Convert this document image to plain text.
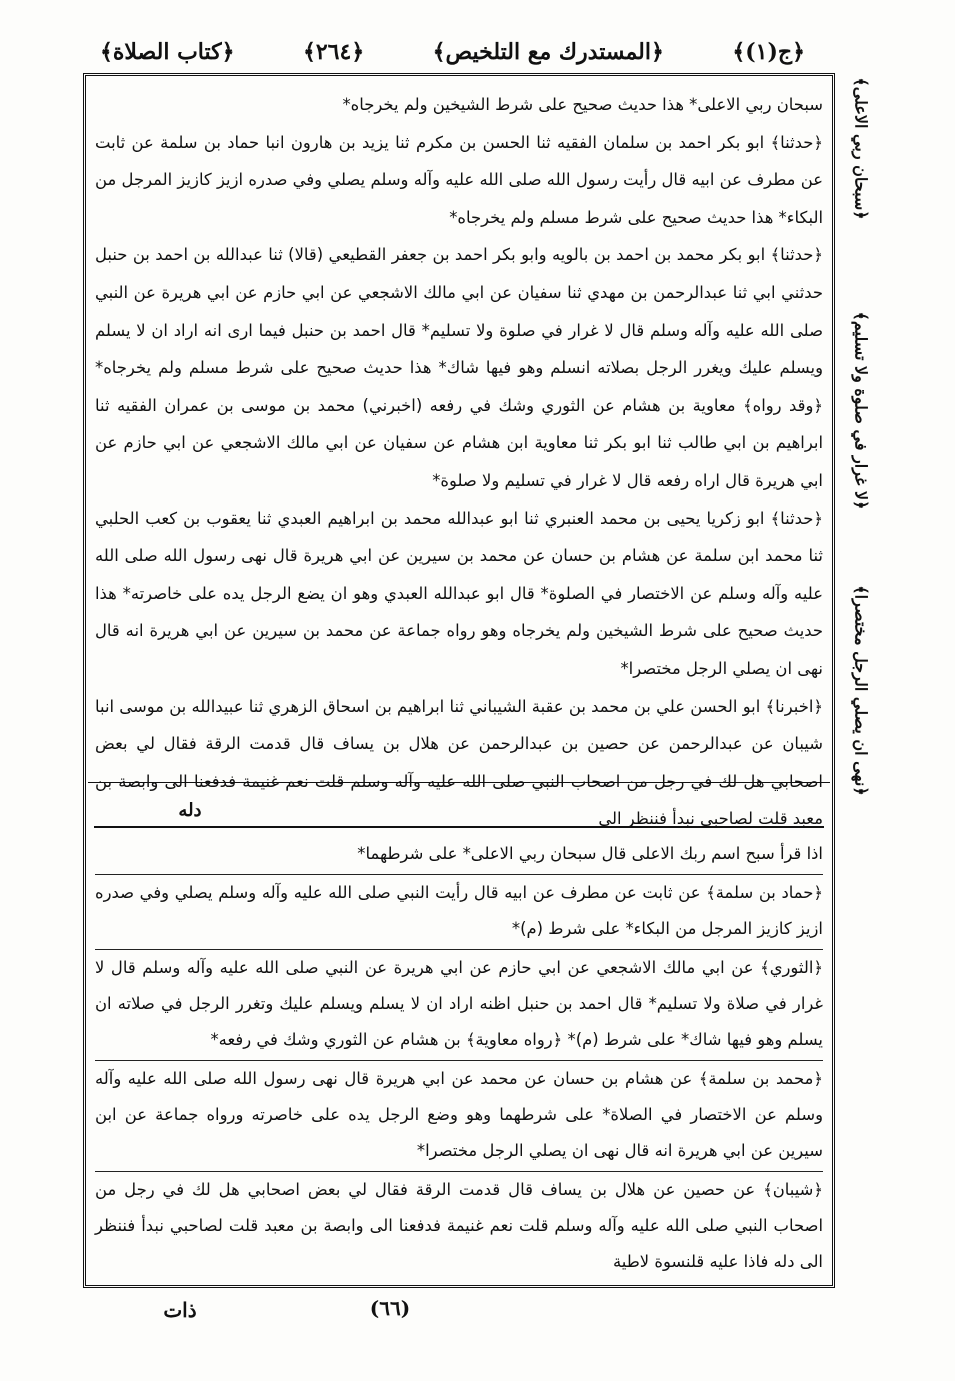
﴿ج(١)﴾
﴿المستدرك مع التلخيص﴾
﴿٢٦٤﴾
﴿كتاب الصلاة﴾

سبحان ربي الاعلى* هذا حديث صحيح على شرط الشيخين ولم يخرجاه*

﴿حدثنا﴾ ابو بكر احمد بن سلمان الفقيه ثنا الحسن بن مكرم ثنا يزيد بن هارون انبا حماد بن سلمة عن ثابت عن مطرف عن ابيه قال رأيت رسول الله صلى الله عليه وآله وسلم يصلي وفي صدره ازيز كازيز المرجل من البكاء* هذا حديث صحيح على شرط مسلم ولم يخرجاه*

﴿حدثنا﴾ ابو بكر محمد بن احمد بن بالويه وابو بكر احمد بن جعفر القطيعي (قالا) ثنا عبدالله بن احمد بن حنبل حدثني ابي ثنا عبدالرحمن بن مهدي ثنا سفيان عن ابي مالك الاشجعي عن ابي حازم عن ابي هريرة عن النبي صلى الله عليه وآله وسلم قال لا غرار في صلوة ولا تسليم* قال احمد بن حنبل فيما ارى انه اراد ان لا يسلم ويسلم عليك ويغرر الرجل بصلاته انسلم وهو فيها شاك* هذا حديث صحيح على شرط مسلم ولم يخرجاه* ﴿وقد رواه﴾ معاوية بن هشام عن الثوري وشك في رفعه (اخبرني) محمد بن موسى بن عمران الفقيه ثنا ابراهيم بن ابي طالب ثنا ابو بكر ثنا معاوية ابن هشام عن سفيان عن ابي مالك الاشجعي عن ابي حازم عن ابي هريرة قال اراه رفعه قال لا غرار في تسليم ولا صلوة*

﴿حدثنا﴾ ابو زكريا يحيى بن محمد العنبري ثنا ابو عبدالله محمد بن ابراهيم العبدي ثنا يعقوب بن كعب الحلبي ثنا محمد ابن سلمة عن هشام بن حسان عن محمد بن سيرين عن ابي هريرة قال نهى رسول الله صلى الله عليه وآله وسلم عن الاختصار في الصلوة* قال ابو عبدالله العبدي وهو ان يضع الرجل يده على خاصرته* هذا حديث صحيح على شرط الشيخين ولم يخرجاه وهو رواه جماعة عن محمد بن سيرين عن ابي هريرة انه قال نهى ان يصلي الرجل مختصرا*

﴿اخبرنا﴾ ابو الحسن علي بن محمد بن عقبة الشيباني ثنا ابراهيم بن اسحاق الزهري ثنا عبيدالله بن موسى انبا شيبان عن عبدالرحمن عن حصين بن عبدالرحمن عن هلال بن يساف قال قدمت الرقة فقال لي بعض اصحابي هل لك في رجل من اصحاب النبي صلى الله عليه وآله وسلم قلت نعم غنيمة فدفعنا الى وابصة بن معبد قلت لصاحبي نبدأ فننظر الى

دله

اذا قرأ سبح اسم ربك الاعلى قال سبحان ربي الاعلى* على شرطهما*

﴿حماد بن سلمة﴾ عن ثابت عن مطرف عن ابيه قال رأيت النبي صلى الله عليه وآله وسلم يصلي وفي صدره ازيز كازيز المرجل من البكاء* على شرط (م)*

﴿الثوري﴾ عن ابي مالك الاشجعي عن ابي حازم عن ابي هريرة عن النبي صلى الله عليه وآله وسلم قال لا غرار في صلاة ولا تسليم* قال احمد بن حنبل اظنه اراد ان لا يسلم ويسلم عليك وتغرر الرجل في صلاته ان يسلم وهو فيها شاك* على شرط (م)* ﴿رواه معاوية﴾ بن هشام عن الثوري وشك في رفعه*

﴿محمد بن سلمة﴾ عن هشام بن حسان عن محمد عن ابي هريرة قال نهى رسول الله صلى الله عليه وآله وسلم عن الاختصار في الصلاة* على شرطهما وهو وضع الرجل يده على خاصرته ورواه جماعة عن ابن سيرين عن ابي هريرة انه قال نهى ان يصلي الرجل مختصرا*

﴿شيبان﴾ عن حصين عن هلال بن يساف قال قدمت الرقة فقال لي بعض اصحابي هل لك في رجل من اصحاب النبي صلى الله عليه وآله وسلم قلت نعم غنيمة فدفعنا الى وابصة بن معبد قلت لصاحبي نبدأ فننظر الى دله فاذا عليه قلنسوة لاطية

﴿سبحان ربي الاعلى﴾
﴿لا غرار في صلوة ولا تسليم﴾
﴿نهى ان يصلي الرجل مختصرا﴾
(٦٦)
ذات
